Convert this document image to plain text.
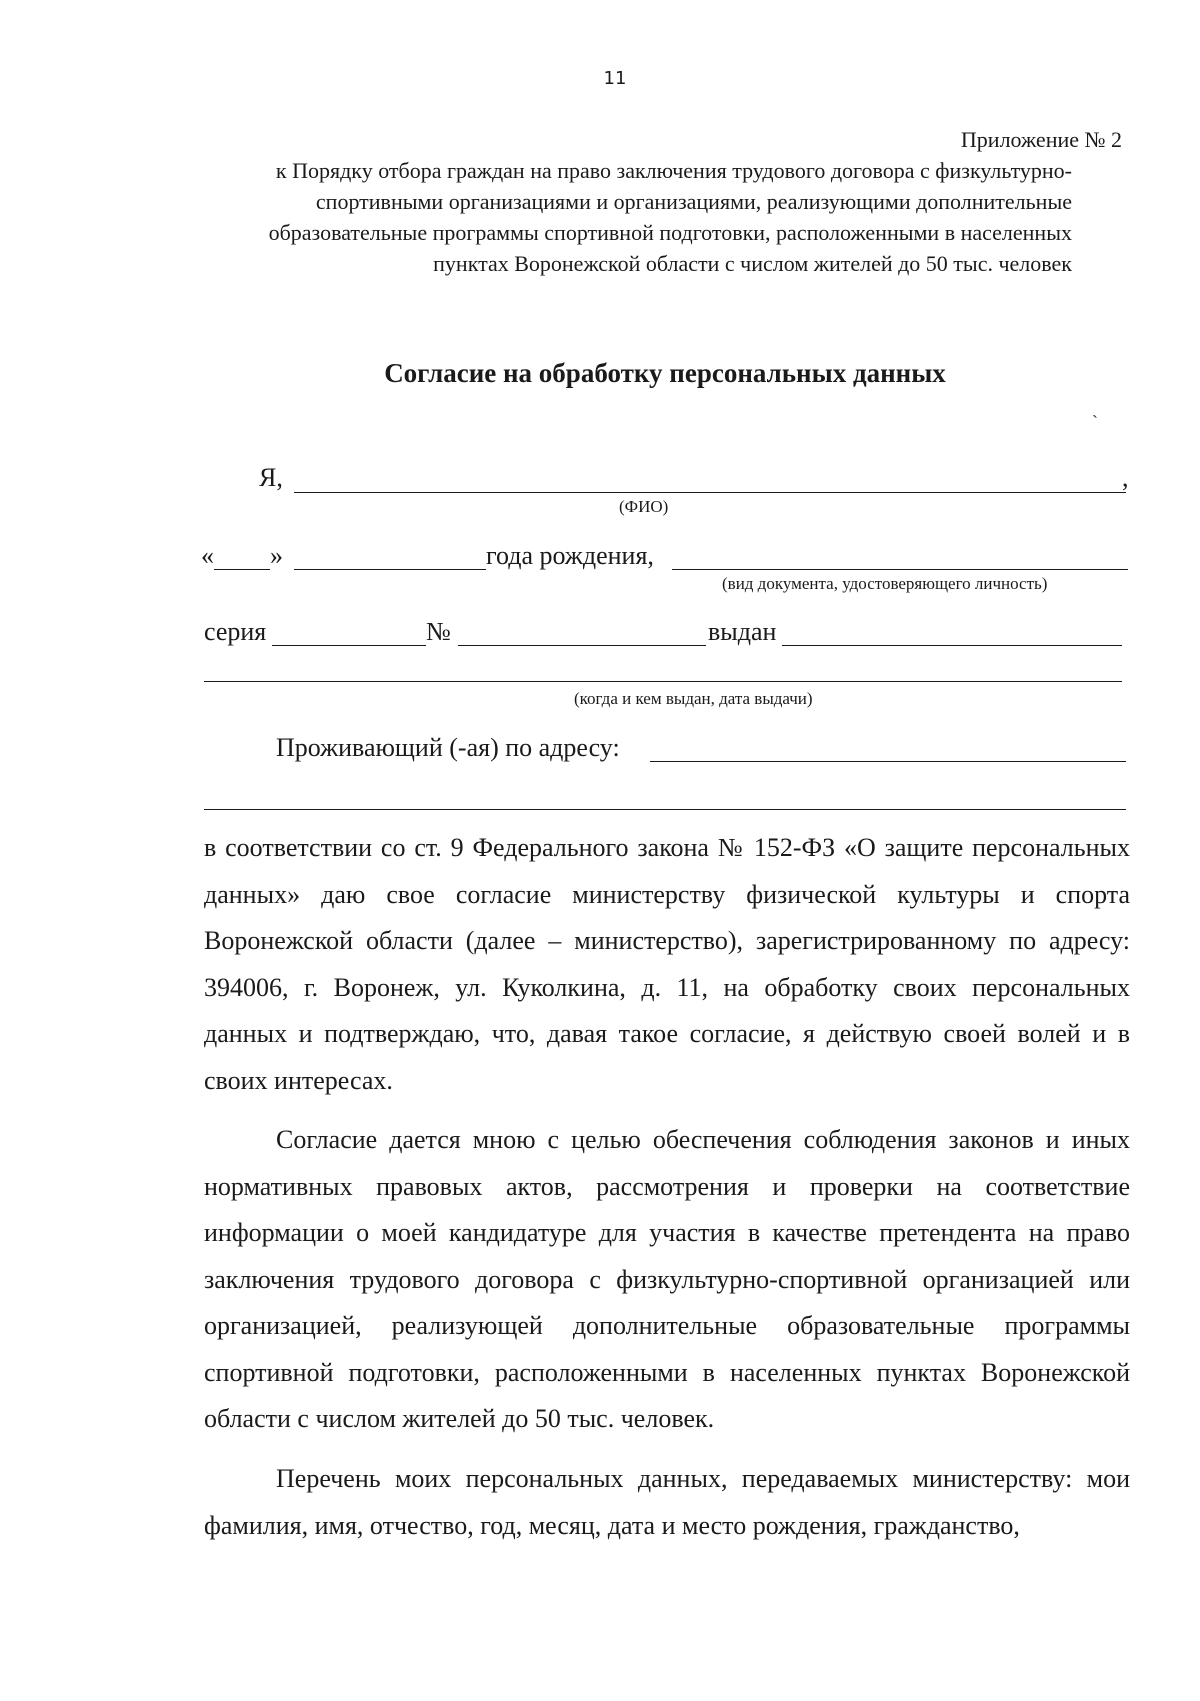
11
Приложение № 2
к Порядку отбора граждан на право заключения трудового договора с физкультурно-
спортивными организациями и организациями, реализующими дополнительные
образовательные программы спортивной подготовки, расположенными в населенных
пунктах Воронежской области с числом жителей до 50 тыс. человек
Согласие на обработку персональных данных
ˏ
Я,	,
(ФИО)
« »	года рождения,
(вид документа, удостоверяющего личность)
серия	№	выдан
(когда и кем выдан, дата выдачи)
Проживающий (-ая) по адресу:

в соответствии со ст. 9 Федерального закона № 152-ФЗ «О защите персональных данных» даю свое согласие министерству физической культуры и спорта Воронежской области (далее – министерство), зарегистрированному по адресу: 394006, г. Воронеж, ул. Куколкина, д. 11, на обработку своих персональных данных и подтверждаю, что, давая такое согласие, я действую своей волей и в своих интересах.

Согласие дается мною с целью обеспечения соблюдения законов и иных нормативных правовых актов, рассмотрения и проверки на соответствие информации о моей кандидатуре для участия в качестве претендента на право заключения трудового договора с физкультурно-спортивной организацией или организацией, реализующей дополнительные образовательные программы спортивной подготовки, расположенными в населенных пунктах Воронежской области с числом жителей до 50 тыс. человек.

Перечень моих персональных данных, передаваемых министерству: мои фамилия, имя, отчество, год, месяц, дата и место рождения, гражданство,
